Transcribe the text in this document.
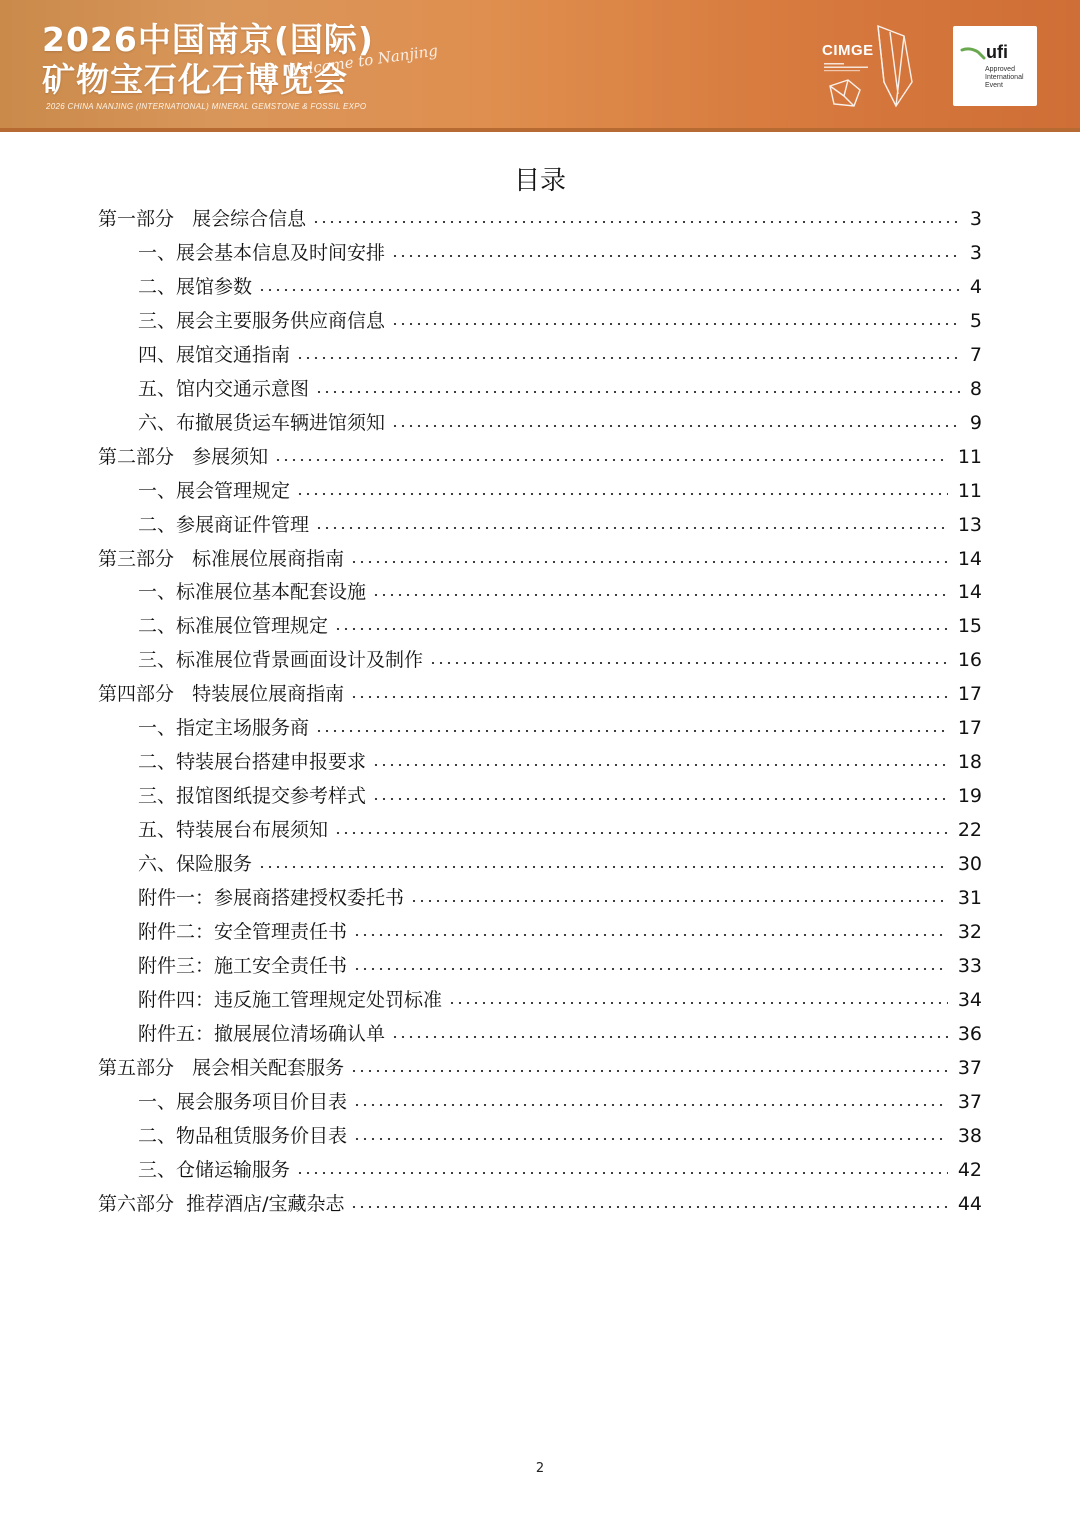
2026中国南京(国际)
矿物宝石化石博览会
Welcome to Nanjing
2026 CHINA NANJING (INTERNATIONAL) MINERAL GEMSTONE & FOSSIL EXPO
CIMGE	ufi
Approved International Event
目录
第一部分   展会综合信息	3
一、展会基本信息及时间安排	3
二、展馆参数	4
三、展会主要服务供应商信息	5
四、展馆交通指南	7
五、馆内交通示意图	8
六、布撤展货运车辆进馆须知	9
第二部分   参展须知	11
一、展会管理规定	11
二、参展商证件管理	13
第三部分   标准展位展商指南	14
一、标准展位基本配套设施	14
二、标准展位管理规定	15
三、标准展位背景画面设计及制作	16
第四部分   特装展位展商指南	17
一、指定主场服务商	17
二、特装展台搭建申报要求	18
三、报馆图纸提交参考样式	19
五、特装展台布展须知	22
六、保险服务	30
附件一：参展商搭建授权委托书	31
附件二：安全管理责任书	32
附件三：施工安全责任书	33
附件四：违反施工管理规定处罚标准	34
附件五：撤展展位清场确认单	36
第五部分   展会相关配套服务	37
一、展会服务项目价目表	37
二、物品租赁服务价目表	38
三、仓储运输服务	42
第六部分  推荐酒店/宝藏杂志	44
2
